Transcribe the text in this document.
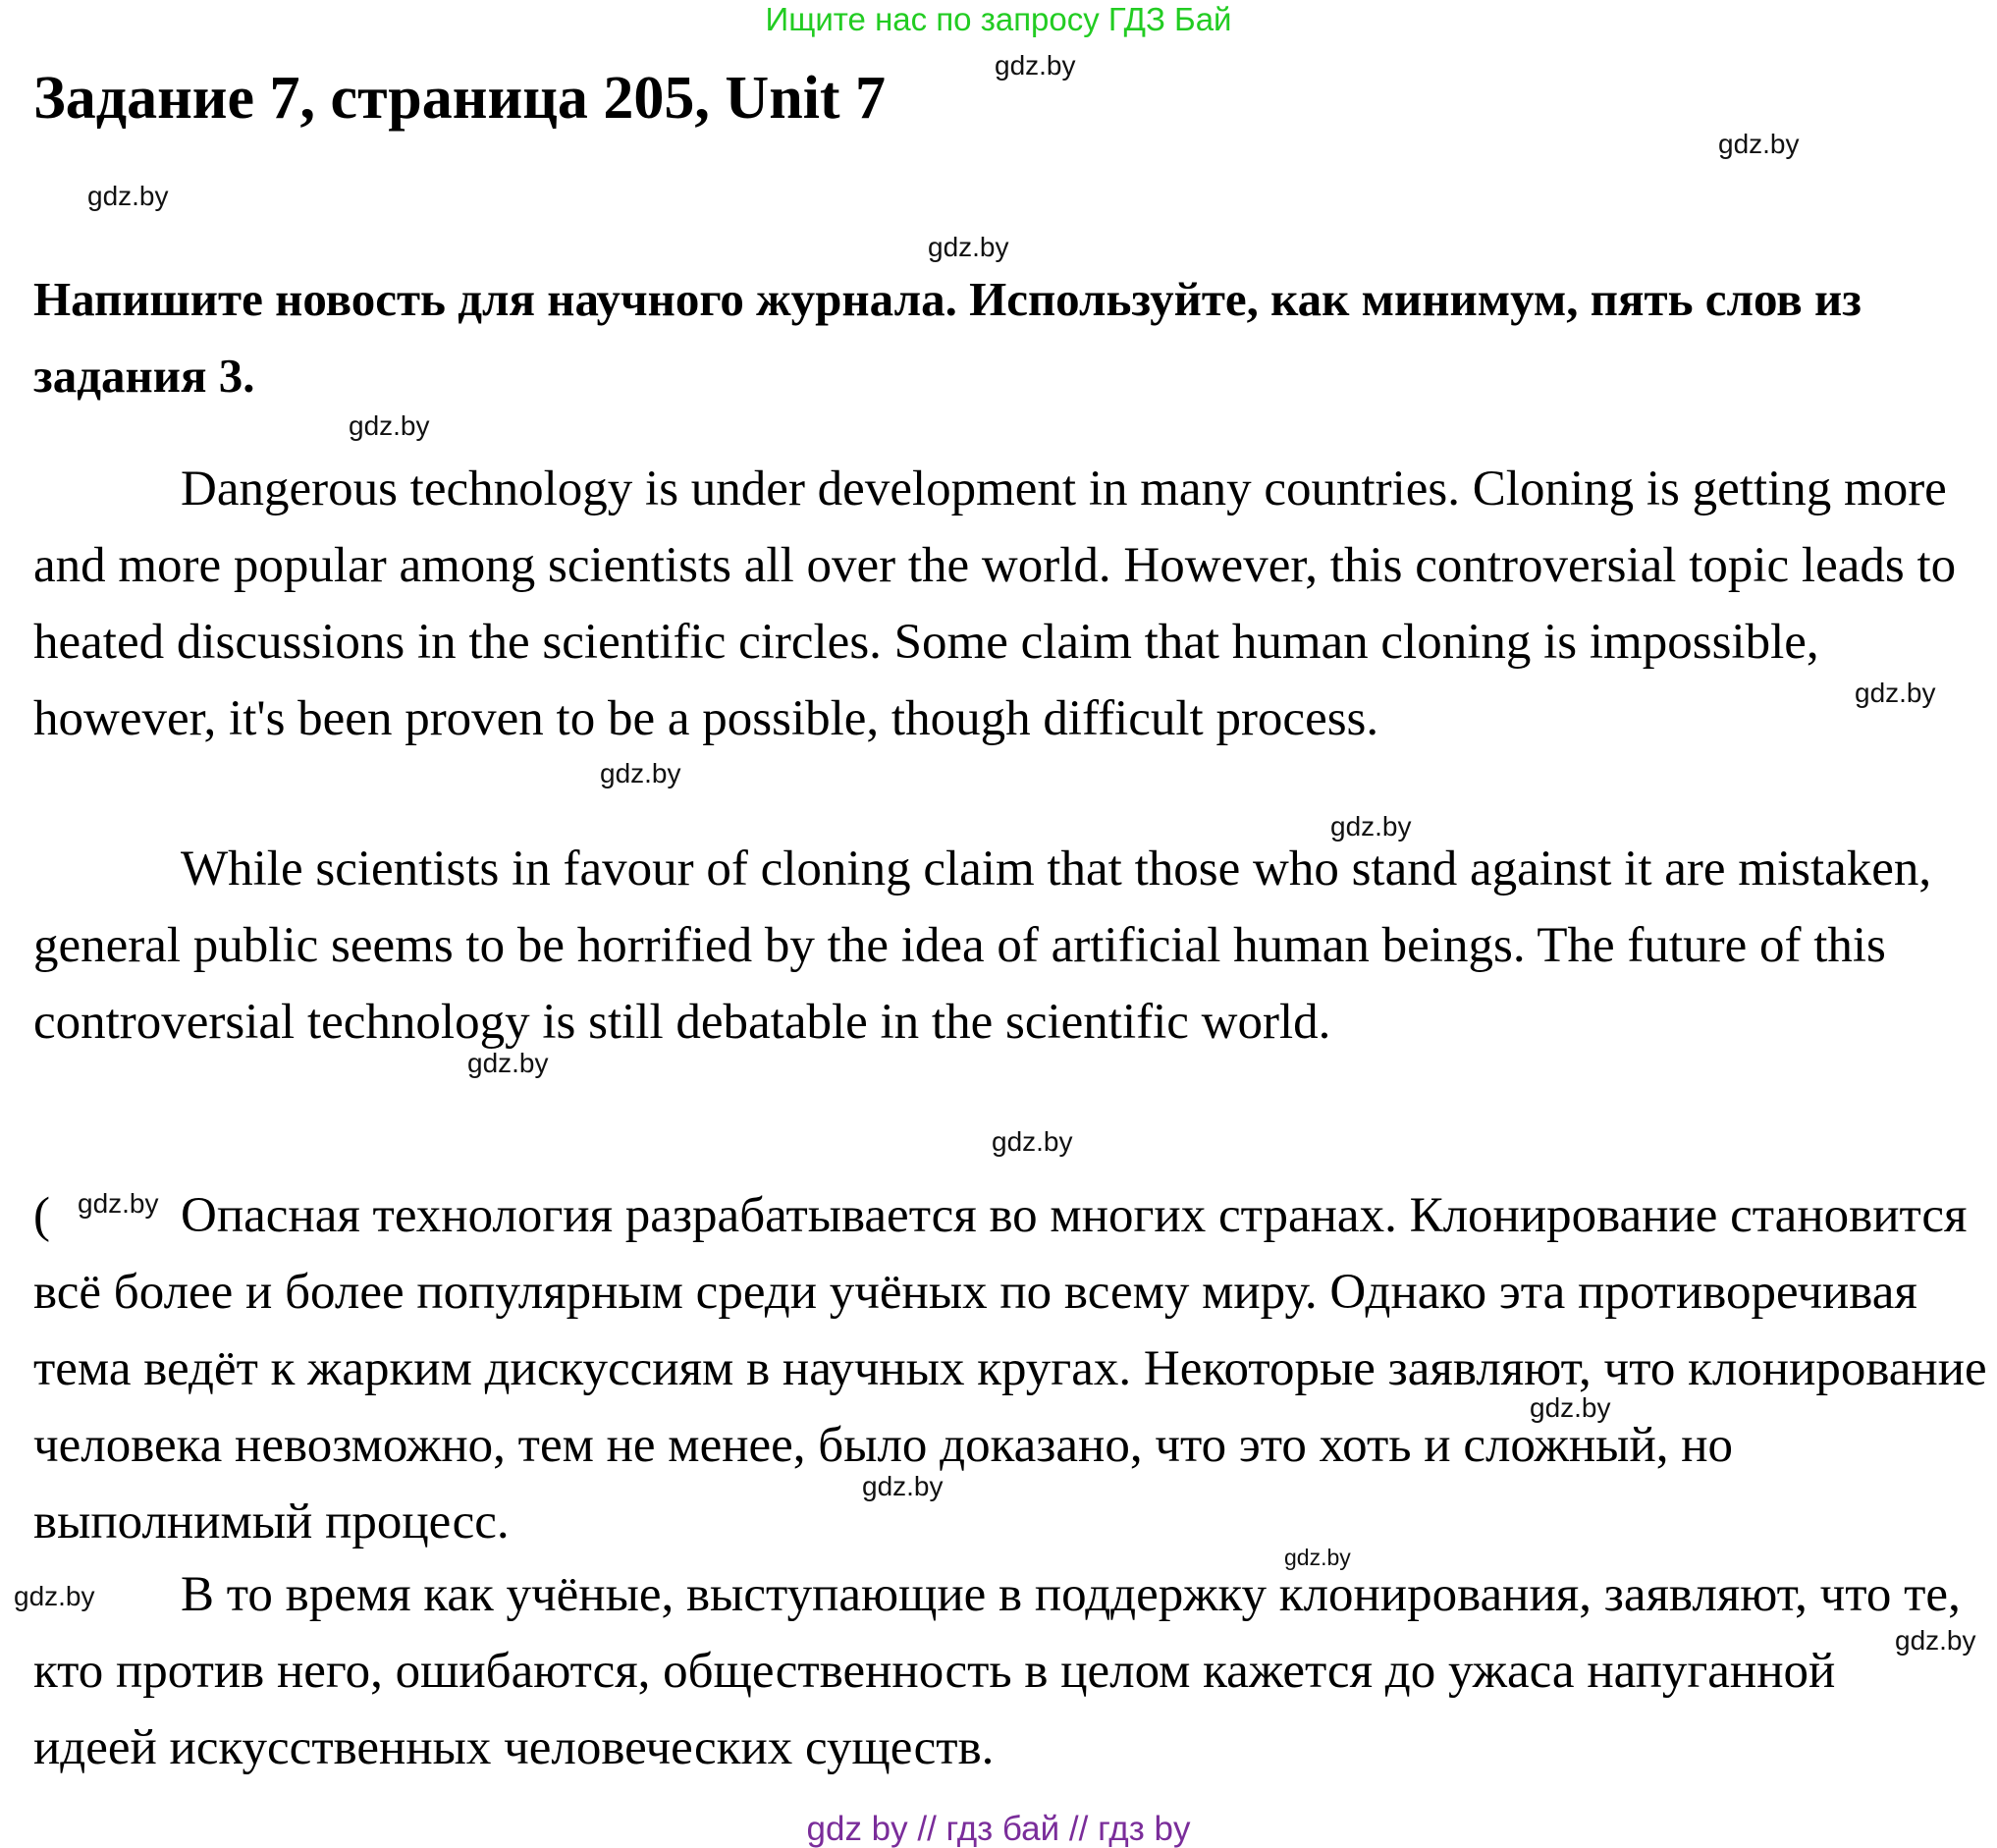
Ищите нас по запросу ГДЗ Бай
Задание 7, страница 205, Unit 7

Напишите новость для научного журнала. Используйте, как минимум, пять слов из задания 3.

Dangerous technology is under development in many countries. Cloning is getting more and more popular among scientists all over the world. However, this controversial topic leads to heated discussions in the scientific circles. Some claim that human cloning is impossible, however, it's been proven to be a possible, though difficult process.

While scientists in favour of cloning claim that those who stand against it are mistaken, general public seems to be horrified by the idea of artificial human beings. The future of this controversial technology is still debatable in the scientific world.

(	Опасная технология разрабатывается во многих странах. Клонирование становится всё более и более популярным среди учёных по всему миру. Однако эта противоречивая тема ведёт к жарким дискуссиям в научных кругах. Некоторые заявляют, что клонирование человека невозможно, тем не менее, было доказано, что это хоть и сложный, но выполнимый процесс.

В то время как учёные, выступающие в поддержку клонирования, заявляют, что те, кто против него, ошибаются, общественность в целом кажется до ужаса напуганной идеей искусственных человеческих существ.

gdz.by
gdz.by
gdz.by
gdz.by
gdz.by
gdz.by
gdz.by
gdz.by
gdz.by
gdz.by
gdz.by
gdz.by
gdz.by
gdz.by
gdz.by
gdz.by
gdz by // гдз бай // гдз by
